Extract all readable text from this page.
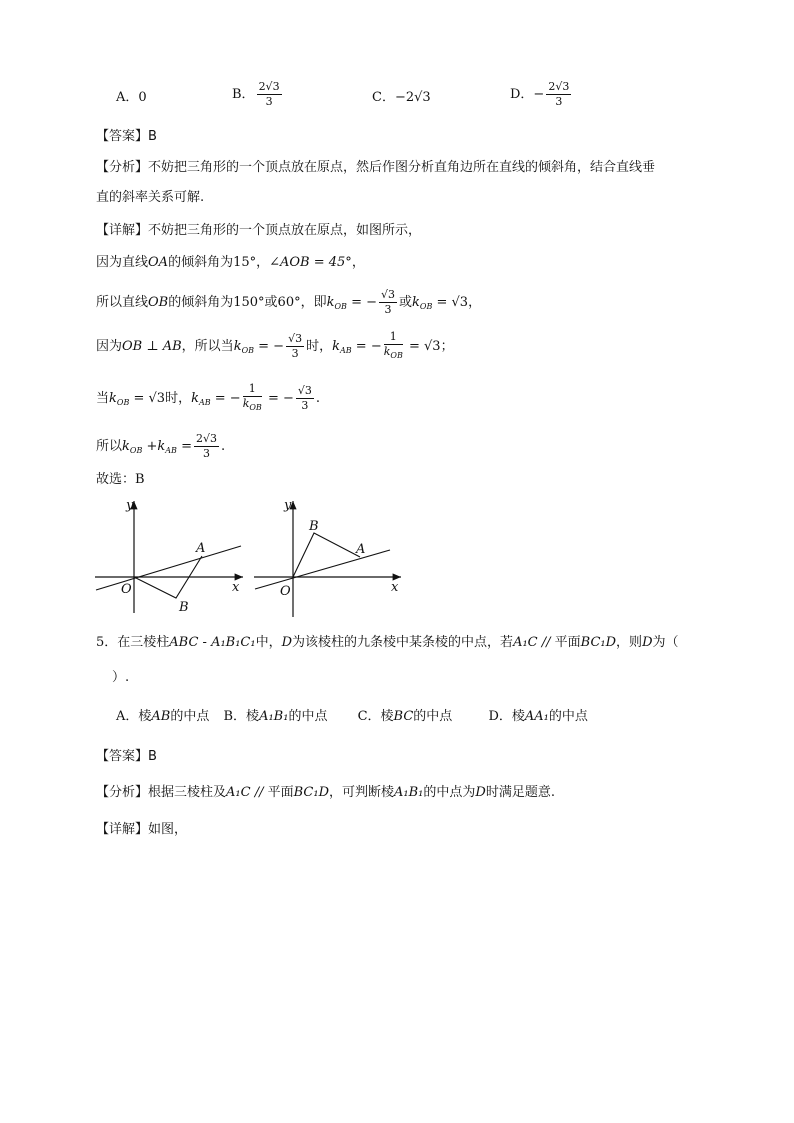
A．0	B． $\frac{2√3}{3}$	C．−2√3	D．− $\frac{2√3}{3}$
【答案】B
【分析】不妨把三角形的一个顶点放在原点，然后作图分析直角边所在直线的倾斜角，结合直线垂
直的斜率关系可解.
【详解】不妨把三角形的一个顶点放在原点，如图所示，
因为直线OA的倾斜角为15°，∠AOB = 45°，
所以直线OB的倾斜角为150°或60°，即$k_{OB}$ = − $\frac{√3}{3}$ 或$k_{OB} = √3$，
因为OB ⊥ AB，所以当$k_{OB}$ = − $\frac{√3}{3}$ 时，$k_{AB}$ = − $\frac{1}{k_{OB}} = √3$；
当$k_{OB} = √3$时，$k_{AB}$ = − $\frac{1}{k_{OB}}$ = − $\frac{√3}{3}$ .
所以$k_{OB} +k_{AB} = \frac{2√3}{3}$ .
故选：B
y
x
O
A
B
y
x
O
A
B
5．在三棱柱ABC - A₁B₁C₁中，D为该棱柱的九条棱中某条棱的中点，若A₁C // 平面BC₁D，则D为（
）.
A．棱AB的中点 B．棱A₁B₁的中点 C．棱BC的中点	D．棱AA₁的中点
【答案】B
【分析】根据三棱柱及A₁C // 平面BC₁D，可判断棱A₁B₁的中点为D时满足题意.
【详解】如图，
